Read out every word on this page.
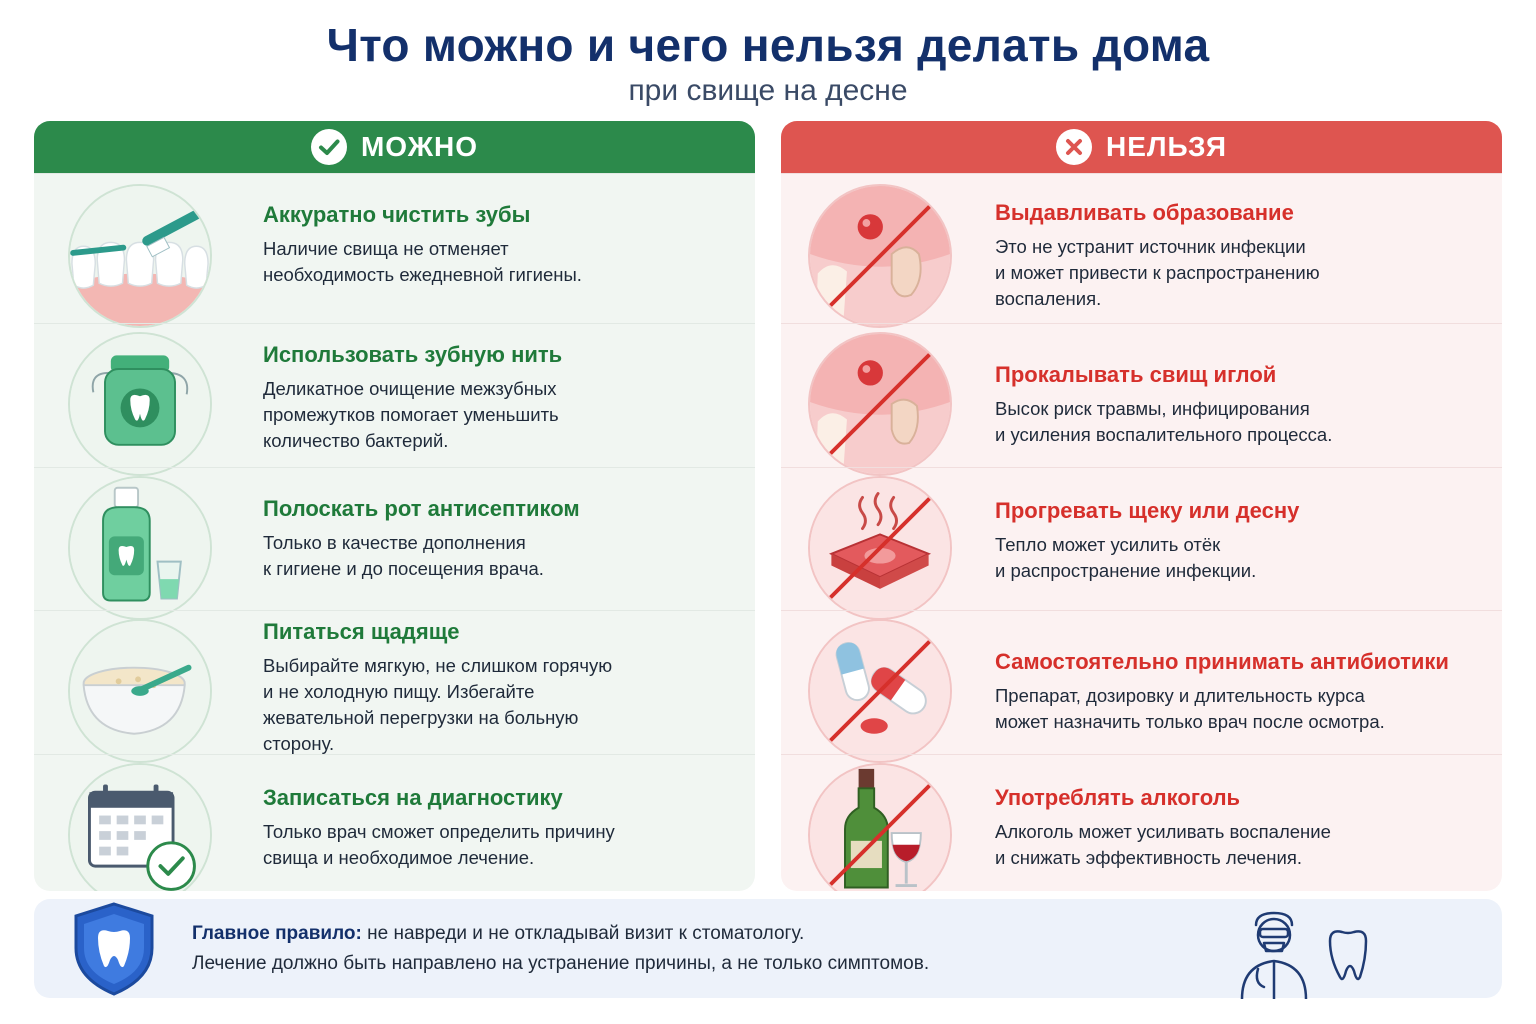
Что можно и чего нельзя делать дома
при свище на десне
МОЖНО
Аккуратно чистить зубы
Наличие свища не отменяет
необходимость ежедневной гигиены.
Использовать зубную нить
Деликатное очищение межзубных
промежутков помогает уменьшить
количество бактерий.
Полоскать рот антисептиком
Только в качестве дополнения
к гигиене и до посещения врача.
Питаться щадяще
Выбирайте мягкую, не слишком горячую
и не холодную пищу. Избегайте
жевательной перегрузки на больную
сторону.
Записаться на диагностику
Только врач сможет определить причину
свища и необходимое лечение.
НЕЛЬЗЯ
Выдавливать образование
Это не устранит источник инфекции
и может привести к распространению
воспаления.
Прокалывать свищ иглой
Высок риск травмы, инфицирования
и усиления воспалительного процесса.
Прогревать щеку или десну
Тепло может усилить отёк
и распространение инфекции.
Самостоятельно принимать антибиотики
Препарат, дозировку и длительность курса
может назначить только врач после осмотра.
Употреблять алкоголь
Алкоголь может усиливать воспаление
и снижать эффективность лечения.
Главное правило: не навреди и не откладывай визит к стоматологу.
Лечение должно быть направлено на устранение причины, а не только симптомов.
